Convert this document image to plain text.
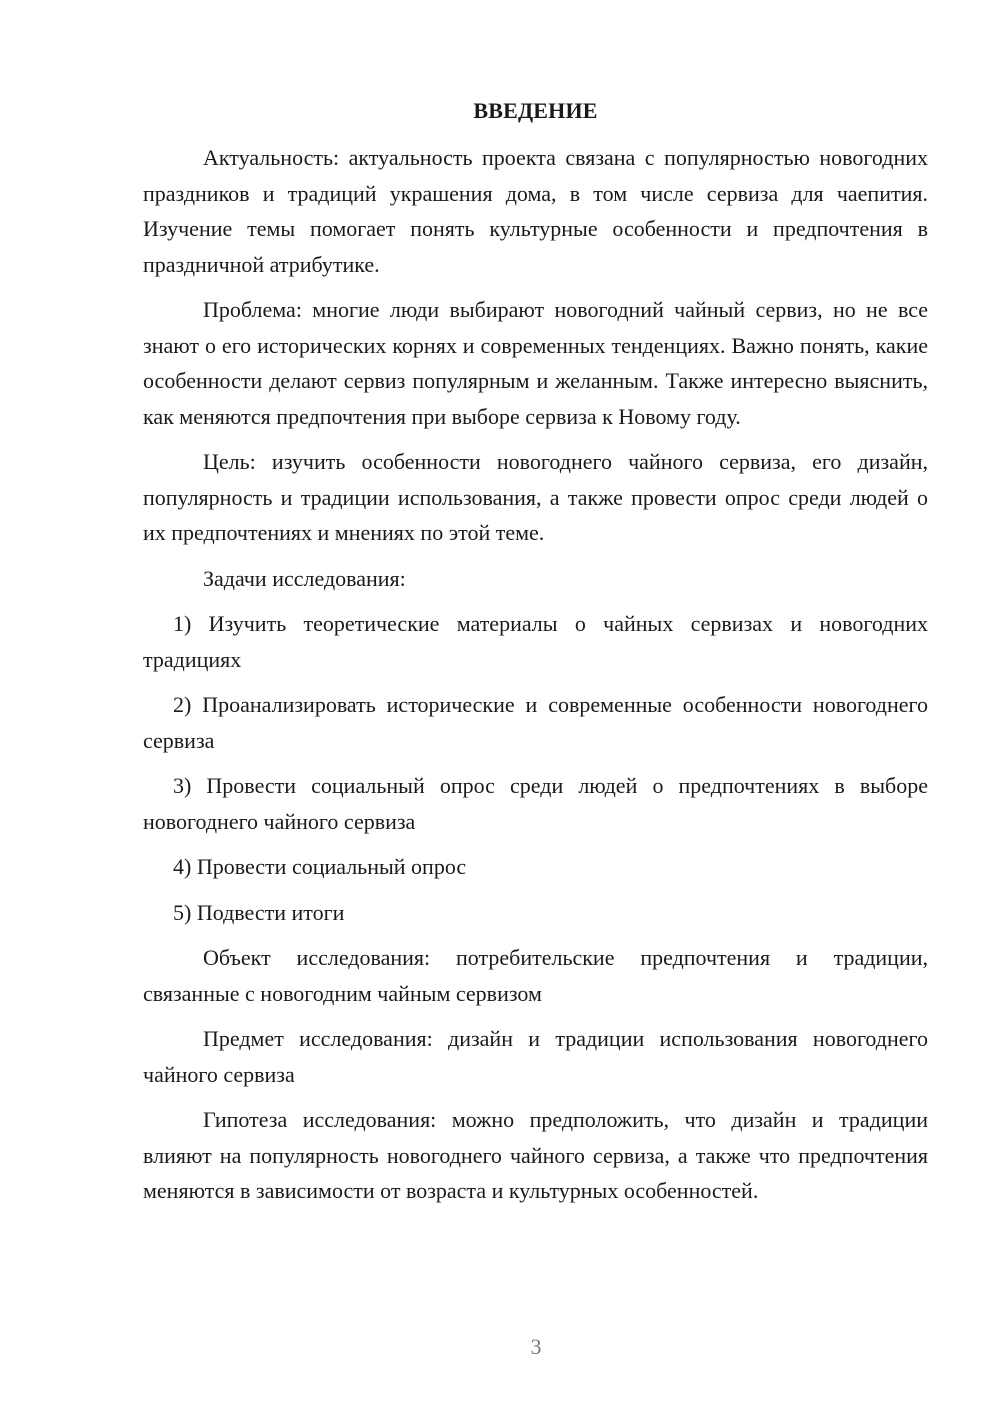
ВВЕДЕНИЕ

Актуальность: актуальность проекта связана с популярностью новогодних праздников и традиций украшения дома, в том числе сервиза для чаепития. Изучение темы помогает понять культурные особенности и предпочтения в праздничной атрибутике.

Проблема: многие люди выбирают новогодний чайный сервиз, но не все знают о его исторических корнях и современных тенденциях. Важно понять, какие особенности делают сервиз популярным и желанным. Также интересно выяснить, как меняются предпочтения при выборе сервиза к Новому году.

Цель: изучить особенности новогоднего чайного сервиза, его дизайн, популярность и традиции использования, а также провести опрос среди людей о их предпочтениях и мнениях по этой теме.

Задачи исследования:

1) Изучить теоретические материалы о чайных сервизах и новогодних традициях

2) Проанализировать исторические и современные особенности новогоднего сервиза

3) Провести социальный опрос среди людей о предпочтениях в выборе новогоднего чайного сервиза

4) Провести социальный опрос

5) Подвести итоги

Объект исследования: потребительские предпочтения и традиции, связанные с новогодним чайным сервизом

Предмет исследования: дизайн и традиции использования новогоднего чайного сервиза

Гипотеза исследования: можно предположить, что дизайн и традиции влияют на популярность новогоднего чайного сервиза, а также что предпочтения меняются в зависимости от возраста и культурных особенностей.

3
